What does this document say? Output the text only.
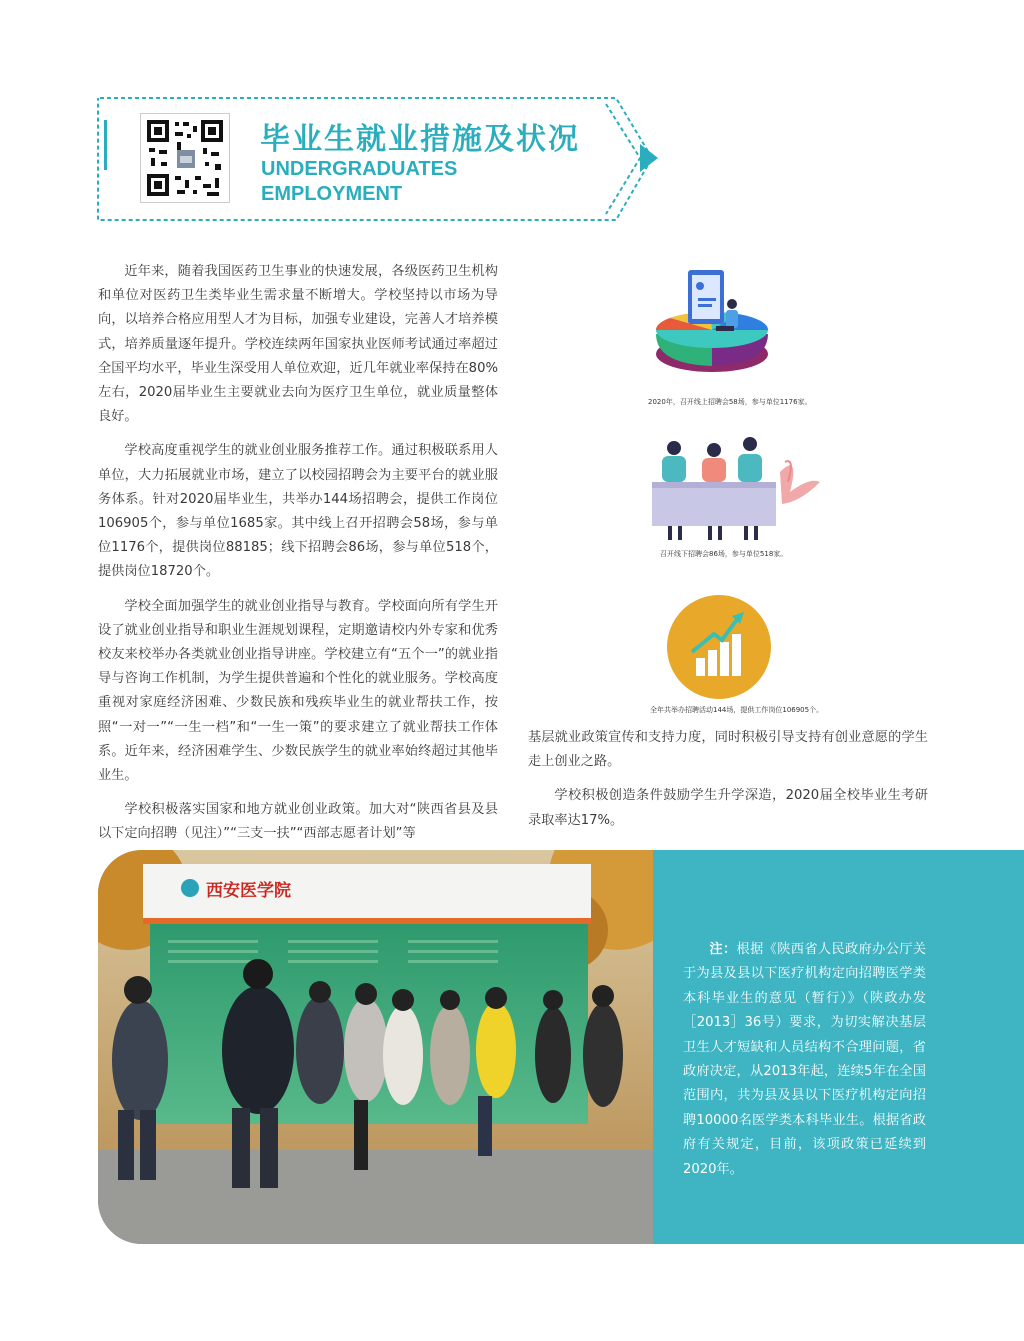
毕业生就业措施及状况
UNDERGRADUATES
EMPLOYMENT

近年来，随着我国医药卫生事业的快速发展，各级医药卫生机构和单位对医药卫生类毕业生需求量不断增大。学校坚持以市场为导向，以培养合格应用型人才为目标，加强专业建设，完善人才培养模式，培养质量逐年提升。学校连续两年国家执业医师考试通过率超过全国平均水平，毕业生深受用人单位欢迎，近几年就业率保持在80%左右，2020届毕业生主要就业去向为医疗卫生单位，就业质量整体良好。

学校高度重视学生的就业创业服务推荐工作。通过积极联系用人单位，大力拓展就业市场，建立了以校园招聘会为主要平台的就业服务体系。针对2020届毕业生，共举办144场招聘会，提供工作岗位106905个，参与单位1685家。其中线上召开招聘会58场，参与单位1176个，提供岗位88185；线下招聘会86场，参与单位518个，提供岗位18720个。

学校全面加强学生的就业创业指导与教育。学校面向所有学生开设了就业创业指导和职业生涯规划课程，定期邀请校内外专家和优秀校友来校举办各类就业创业指导讲座。学校建立有“五个一”的就业指导与咨询工作机制，为学生提供普遍和个性化的就业服务。学校高度重视对家庭经济困难、少数民族和残疾毕业生的就业帮扶工作，按照“一对一”“一生一档”和“一生一策”的要求建立了就业帮扶工作体系。近年来，经济困难学生、少数民族学生的就业率始终超过其他毕业生。

学校积极落实国家和地方就业创业政策。加大对“陕西省县及县以下定向招聘（见注）”“三支一扶”“西部志愿者计划”等

基层就业政策宣传和支持力度，同时积极引导支持有创业意愿的学生走上创业之路。

学校积极创造条件鼓励学生升学深造，2020届全校毕业生考研录取率达17%。

2020年，召开线上招聘会58场，参与单位1176家。
召开线下招聘会86场，参与单位518家。
全年共举办招聘活动144场，提供工作岗位106905个。
西安医学院
注：根据《陕西省人民政府办公厅关于为县及县以下医疗机构定向招聘医学类本科毕业生的意见（暂行）》（陕政办发［2013］36号）要求，为切实解决基层卫生人才短缺和人员结构不合理问题，省政府决定，从2013年起，连续5年在全国范围内，共为县及县以下医疗机构定向招聘10000名医学类本科毕业生。根据省政府有关规定，目前，该项政策已延续到2020年。
